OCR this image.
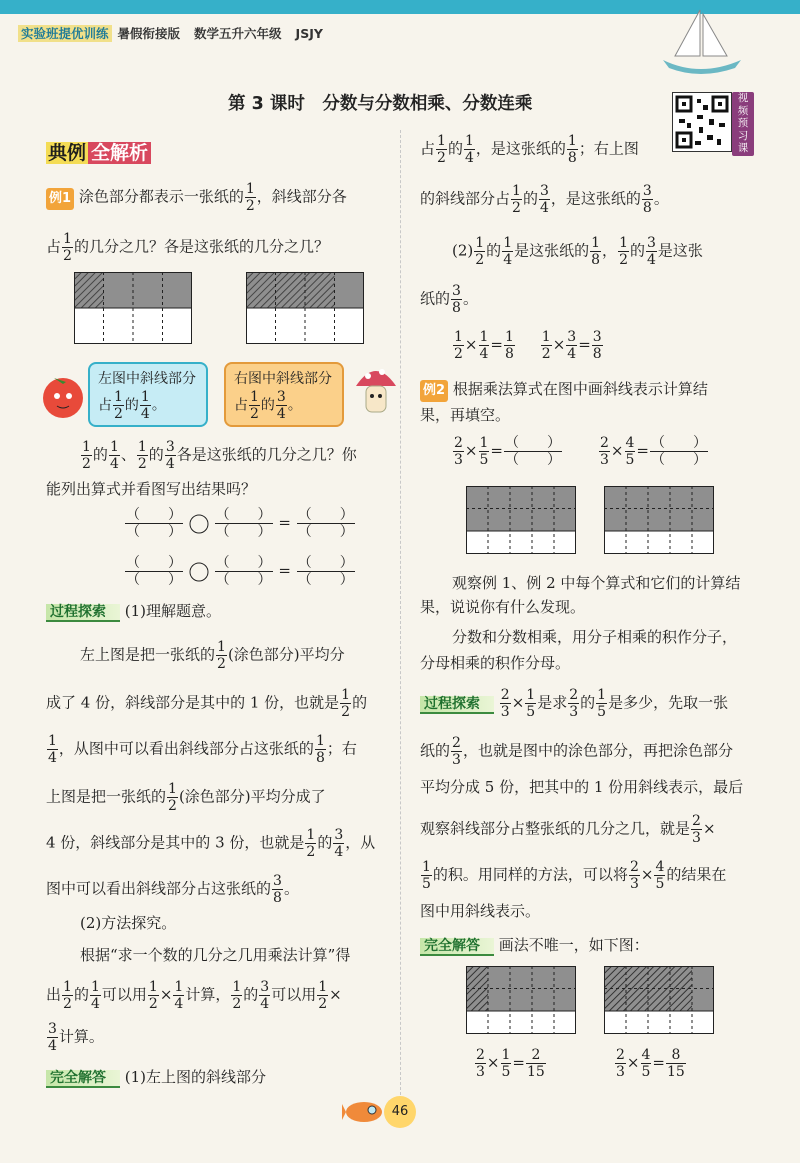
实验班提优训练 暑假衔接版 数学五升六年级 JSJY
第 3 课时　分数与分数相乘、分数连乘	视
频
预
习
课
典例 全解析
例1 涂色部分都表示一张纸的 $\frac{1}{2}$ ，斜线部分各
占 $\frac{1}{2}$ 的几分之几？各是这张纸的几分之几？
左图中斜线部分
占 $\frac{1}{2}$ 的 $\frac{1}{4}$ 。
右图中斜线部分
占 $\frac{1}{2}$ 的 $\frac{3}{4}$ 。
$\frac{1}{2}$ 的 $\frac{1}{4}$ 、 $\frac{1}{2}$ 的 $\frac{3}{4}$ 各是这张纸的几分之几？你
能列出算式并看图写出结果吗？
$\frac{( )}{( )}$
$\frac{( )}{( )} = \frac{( )}{( )}$
$\frac{( )}{( )}$
$\frac{( )}{( )} = \frac{( )}{( )}$
过程探索 (1)理解题意。
左上图是把一张纸的 $\frac{1}{2}$ (涂色部分)平均分
成了 4 份，斜线部分是其中的 1 份，也就是 $\frac{1}{2}$ 的
$\frac{1}{4}$ ，从图中可以看出斜线部分占这张纸的 $\frac{1}{8}$ ；右
上图是把一张纸的 $\frac{1}{2}$ (涂色部分)平均分成了
4 份，斜线部分是其中的 3 份，也就是 $\frac{1}{2}$ 的 $\frac{3}{4}$ ，从
图中可以看出斜线部分占这张纸的 $\frac{3}{8}$ 。
(2)方法探究。
根据“求一个数的几分之几用乘法计算”得
出 $\frac{1}{2}$ 的 $\frac{1}{4}$ 可以用 $\frac{1}{2} \times \frac{1}{4}$ 计算， $\frac{1}{2}$ 的 $\frac{3}{4}$ 可以用 $\frac{1}{2}$ ×
$\frac{3}{4}$ 计算。
完全解答 (1)左上图的斜线部分
占 $\frac{1}{2}$ 的 $\frac{1}{4}$ ，是这张纸的 $\frac{1}{8}$ ；右上图
的斜线部分占 $\frac{1}{2}$ 的 $\frac{3}{4}$ ，是这张纸的 $\frac{3}{8}$ 。
$(2) \frac{1}{2}$ 的 $\frac{1}{4}$ 是这张纸的 $\frac{1}{8}$ ， $\frac{1}{2}$ 的 $\frac{3}{4}$ 是这张
纸的 $\frac{3}{8}$ 。
$\frac{1}{2} \times \frac{1}{4} = \frac{1}{8}$
$\frac{1}{2} \times \frac{3}{4} = \frac{3}{8}$
例2 根据乘法算式在图中画斜线表示计算结
果，再填空。
$\frac{2}{3} \times \frac{1}{5} = \frac{( )}{( )}$	$\frac{2}{3} \times \frac{4}{5} = \frac{( )}{( )}$
观察例 1、例 2 中每个算式和它们的计算结
果，说说你有什么发现。
分数和分数相乘，用分子相乘的积作分子，
分母相乘的积作分母。
过程探索 $\frac{2}{3} \times \frac{1}{5}$ 是求 $\frac{2}{3}$ 的 $\frac{1}{5}$ 是多少，先取一张
纸的 $\frac{2}{3}$ ，也就是图中的涂色部分，再把涂色部分
平均分成 5 份，把其中的 1 份用斜线表示，最后
观察斜线部分占整张纸的几分之几，就是 $\frac{2}{3}$ ×
$\frac{1}{5}$ 的积。用同样的方法，可以将 $\frac{2}{3} \times \frac{4}{5}$ 的结果在
图中用斜线表示。
完全解答 画法不唯一，如下图：
$\frac{2}{3} \times \frac{1}{5} = \frac{2}{15}$	$\frac{2}{3} \times \frac{4}{5} = \frac{8}{15}$
46
